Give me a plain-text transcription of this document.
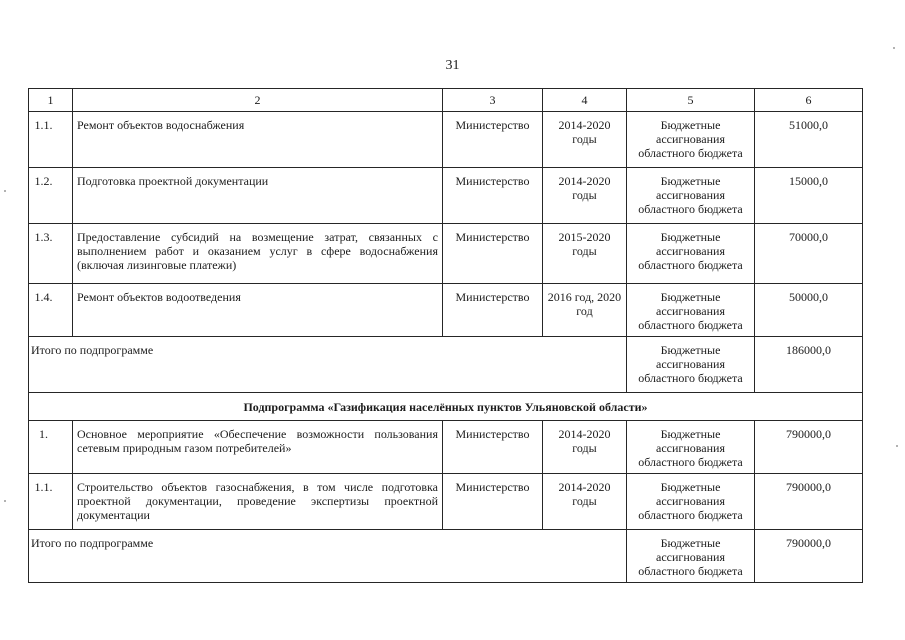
31
1	2	3	4	5	6
1.1.	Ремонт объектов водоснабжения	Министерство	2014-2020 годы	Бюджетные ассигнования областного бюджета	51000,0
1.2.	Подготовка проектной документации	Министерство	2014-2020 годы	Бюджетные ассигнования областного бюджета	15000,0
1.3.	Предоставление субсидий на возмещение затрат, связанных с выполнением работ и оказанием услуг в сфере водоснабжения (включая лизинговые платежи)	Министерство	2015-2020 годы	Бюджетные ассигнования областного бюджета	70000,0
1.4.	Ремонт объектов водоотведения	Министерство	2016 год, 2020 год	Бюджетные ассигнования областного бюджета	50000,0
Итого по подпрограмме				Бюджетные ассигнования областного бюджета	186000,0
Подпрограмма «Газификация населённых пунктов Ульяновской области»					
1.	Основное мероприятие «Обеспечение возможности пользования сетевым природным газом потребителей»	Министерство	2014-2020 годы	Бюджетные ассигнования областного бюджета	790000,0
1.1.	Строительство объектов газоснабжения, в том числе подготовка проектной документации, проведение экспертизы проектной документации	Министерство	2014-2020 годы	Бюджетные ассигнования областного бюджета	790000,0
Итого по подпрограмме				Бюджетные ассигнования областного бюджета	790000,0
